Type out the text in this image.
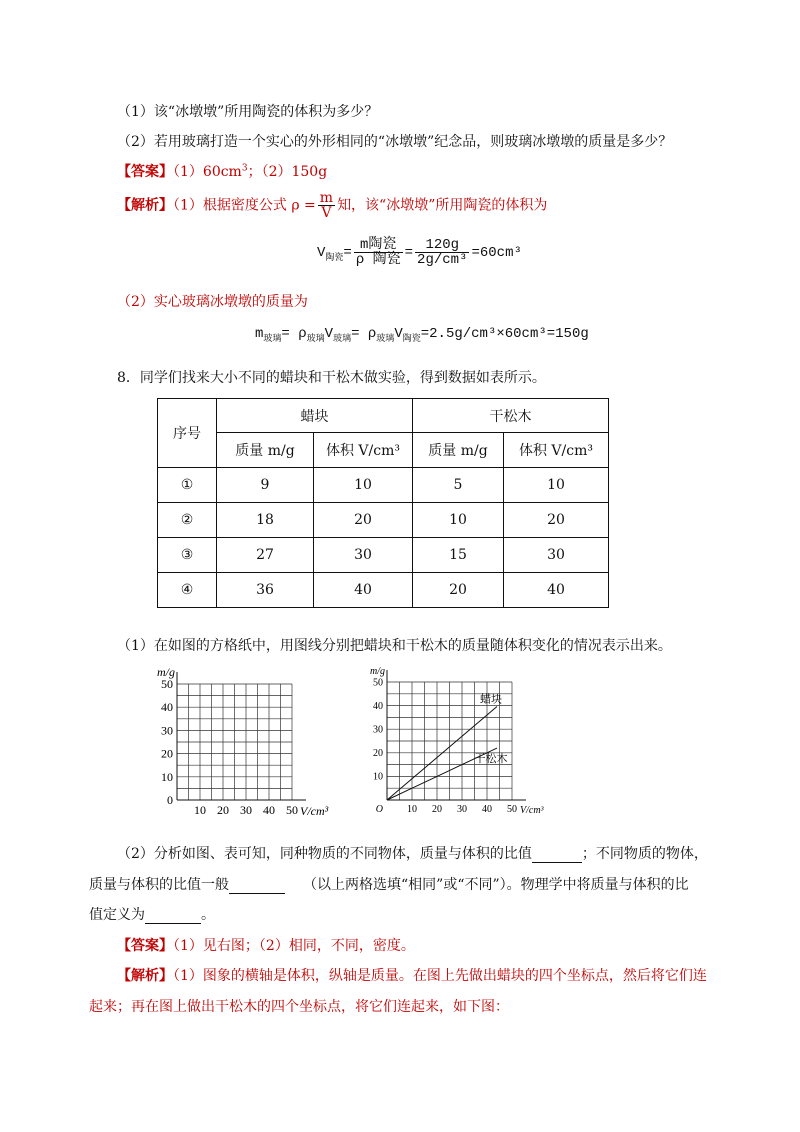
（1）该“冰墩墩”所用陶瓷的体积为多少？
（2）若用玻璃打造一个实心的外形相同的“冰墩墩”纪念品，则玻璃冰墩墩的质量是多少？
【答案】$(1)60cm^3$；（2）150g
【解析】（1）根据密度公式 $\rho = \frac{m}{V}$ 知，该“冰墩墩”所用陶瓷的体积为
$V_{陶瓷}= \frac{\text{m陶瓷}}{\text{ρ 陶瓷}} = \frac{120g}{\text{2g/cm³}} =60cm^3$
（2）实心玻璃冰墩墩的质量为
$m_{玻璃}= \rho_{玻璃}V_{玻璃}= \rho_{玻璃}V_{陶瓷}=2.5g/cm^3\times 60cm^3=150g$
8．同学们找来大小不同的蜡块和干松木做实验，得到数据如表所示。
序号	蜡块		干松木	
	质量 m/g	体积 V/cm³	质量 m/g	体积 V/cm³
①	9	10	5	10
②	18	20	10	20
③	27	30	15	30
④	36	40	20	40
（1）在如图的方格纸中，用图线分别把蜡块和干松木的质量随体积变化的情况表示出来。
10 20 30 40 50
0
10
20
30
40
50
V/cm³
m/g
10 20 30 40 50
10
20
30
40
50
V/cm³
m/g
O
蜡块
干松木
（2）分析如图、表可知，同种物质的不同物体，质量与体积的比值	；不同物质的物体，
质量与体积的比值一般	（以上两格选填“相同”或“不同”）。物理学中将质量与体积的比
值定义为	。
【答案】（1）见右图；（2）相同，不同，密度。
【解析】（1）图象的横轴是体积，纵轴是质量。在图上先做出蜡块的四个坐标点，然后将它们连
起来；再在图上做出干松木的四个坐标点，将它们连起来，如下图：
